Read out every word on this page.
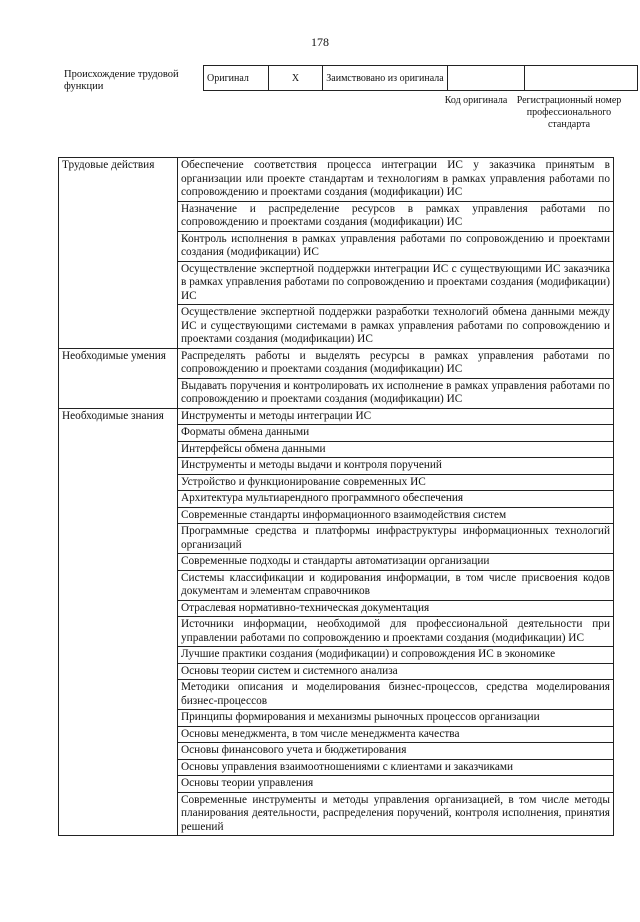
178
Происхождение трудовой функции
Оригинал	X	Заимствовано из оригинала		
Код оригинала Регистрационный номер профессионального стандарта
Трудовые действия	Обеспечение соответствия процесса интеграции ИС у заказчика принятым в организации или проекте стандартам и технологиям в рамках управления работами по сопровождению и проектами создания (модификации) ИС
	Назначение и распределение ресурсов в рамках управления работами по сопровождению и проектами создания (модификации) ИС
	Контроль исполнения в рамках управления работами по сопровождению и проектами создания (модификации) ИС
	Осуществление экспертной поддержки интеграции ИС с существующими ИС заказчика в рамках управления работами по сопровождению и проектами создания (модификации) ИС
	Осуществление экспертной поддержки разработки технологий обмена данными между ИС и существующими системами в рамках управления работами по сопровождению и проектами создания (модификации) ИС
Необходимые умения	Распределять работы и выделять ресурсы в рамках управления работами по сопровождению и проектами создания (модификации) ИС
	Выдавать поручения и контролировать их исполнение в рамках управления работами по сопровождению и проектами создания (модификации) ИС
Необходимые знания	Инструменты и методы интеграции ИС
	Форматы обмена данными
	Интерфейсы обмена данными
	Инструменты и методы выдачи и контроля поручений
	Устройство и функционирование современных ИС
	Архитектура мультиарендного программного обеспечения
	Современные стандарты информационного взаимодействия систем
	Программные средства и платформы инфраструктуры информационных технологий организаций
	Современные подходы и стандарты автоматизации организации
	Системы классификации и кодирования информации, в том числе присвоения кодов документам и элементам справочников
	Отраслевая нормативно-техническая документация
	Источники информации, необходимой для профессиональной деятельности при управлении работами по сопровождению и проектами создания (модификации) ИС
	Лучшие практики создания (модификации) и сопровождения ИС в экономике
	Основы теории систем и системного анализа
	Методики описания и моделирования бизнес-процессов, средства моделирования бизнес-процессов
	Принципы формирования и механизмы рыночных процессов организации
	Основы менеджмента, в том числе менеджмента качества
	Основы финансового учета и бюджетирования
	Основы управления взаимоотношениями с клиентами и заказчиками
	Основы теории управления
	Современные инструменты и методы управления организацией, в том числе методы планирования деятельности, распределения поручений, контроля исполнения, принятия решений
